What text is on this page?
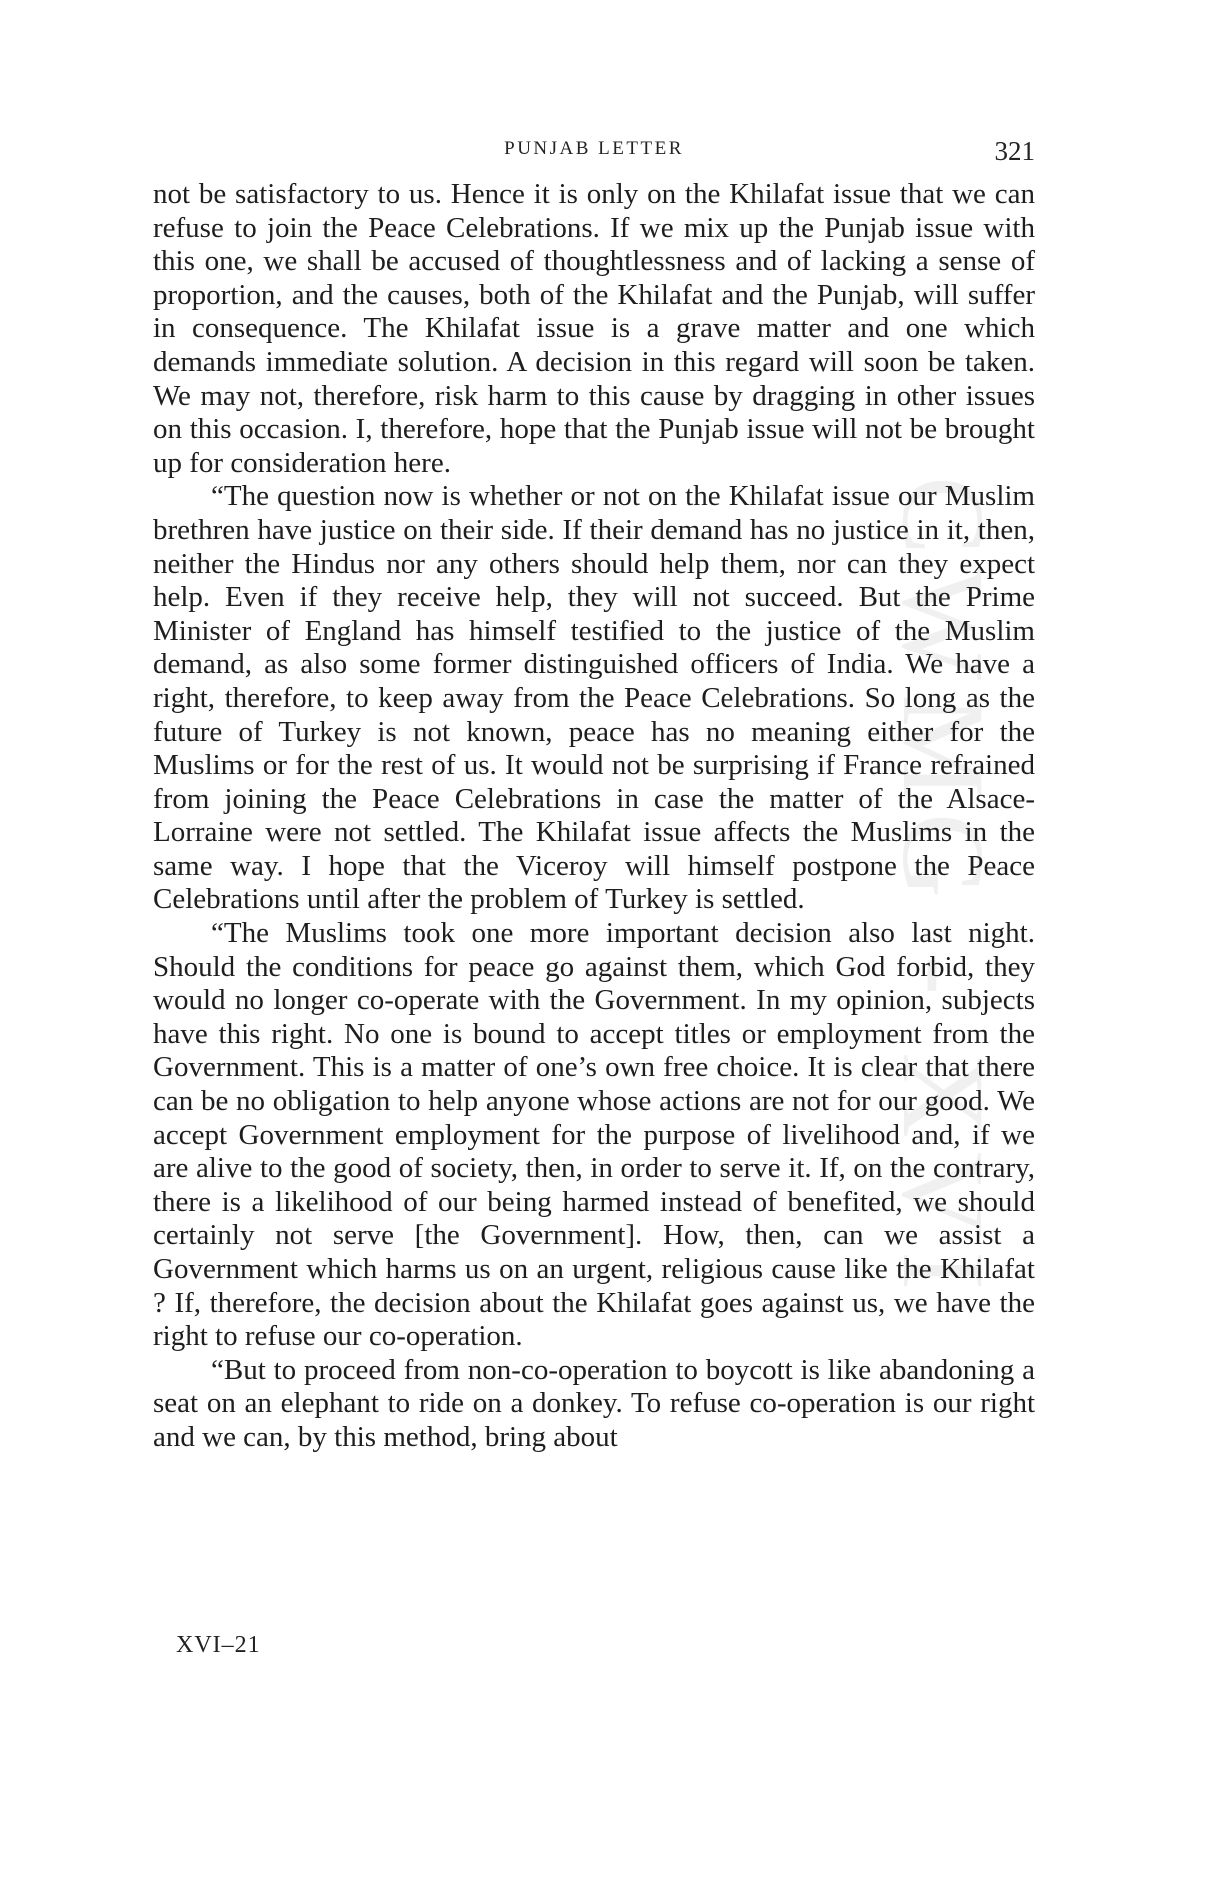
CWMG - XVI
PUNJAB LETTER	321

not be satisfactory to us. Hence it is only on the Khilafat issue that we can refuse to join the Peace Celebrations. If we mix up the Punjab issue with this one, we shall be accused of thoughtlessness and of lacking a sense of proportion, and the causes, both of the Khilafat and the Punjab, will suffer in consequence. The Khilafat issue is a grave matter and one which demands immediate solution. A decision in this regard will soon be taken. We may not, therefore, risk harm to this cause by dragging in other issues on this occasion. I, therefore, hope that the Punjab issue will not be brought up for consideration here.

“The question now is whether or not on the Khilafat issue our Muslim brethren have justice on their side. If their demand has no justice in it, then, neither the Hindus nor any others should help them, nor can they expect help. Even if they receive help, they will not succeed. But the Prime Minister of England has himself testified to the justice of the Muslim demand, as also some former distinguished officers of India. We have a right, therefore, to keep away from the Peace Celebrations. So long as the future of Turkey is not known, peace has no meaning either for the Muslims or for the rest of us. It would not be surprising if France refrained from joining the Peace Celebrations in case the matter of the Alsace-Lorraine were not settled. The Khilafat issue affects the Muslims in the same way. I hope that the Viceroy will himself postpone the Peace Celebrations until after the problem of Turkey is settled.

“The Muslims took one more important decision also last night. Should the conditions for peace go against them, which God forbid, they would no longer co-operate with the Government. In my opinion, subjects have this right. No one is bound to accept titles or employment from the Government. This is a matter of one’s own free choice. It is clear that there can be no obligation to help anyone whose actions are not for our good. We accept Government employment for the purpose of livelihood and, if we are alive to the good of society, then, in order to serve it. If, on the contrary, there is a likelihood of our being harmed instead of benefited, we should certainly not serve [the Government]. How, then, can we assist a Government which harms us on an urgent, religious cause like the Khilafat ? If, therefore, the decision about the Khilafat goes against us, we have the right to refuse our co-operation.

“But to proceed from non-co-operation to boycott is like abandoning a seat on an elephant to ride on a donkey. To refuse co-operation is our right and we can, by this method, bring about

XVI–21
